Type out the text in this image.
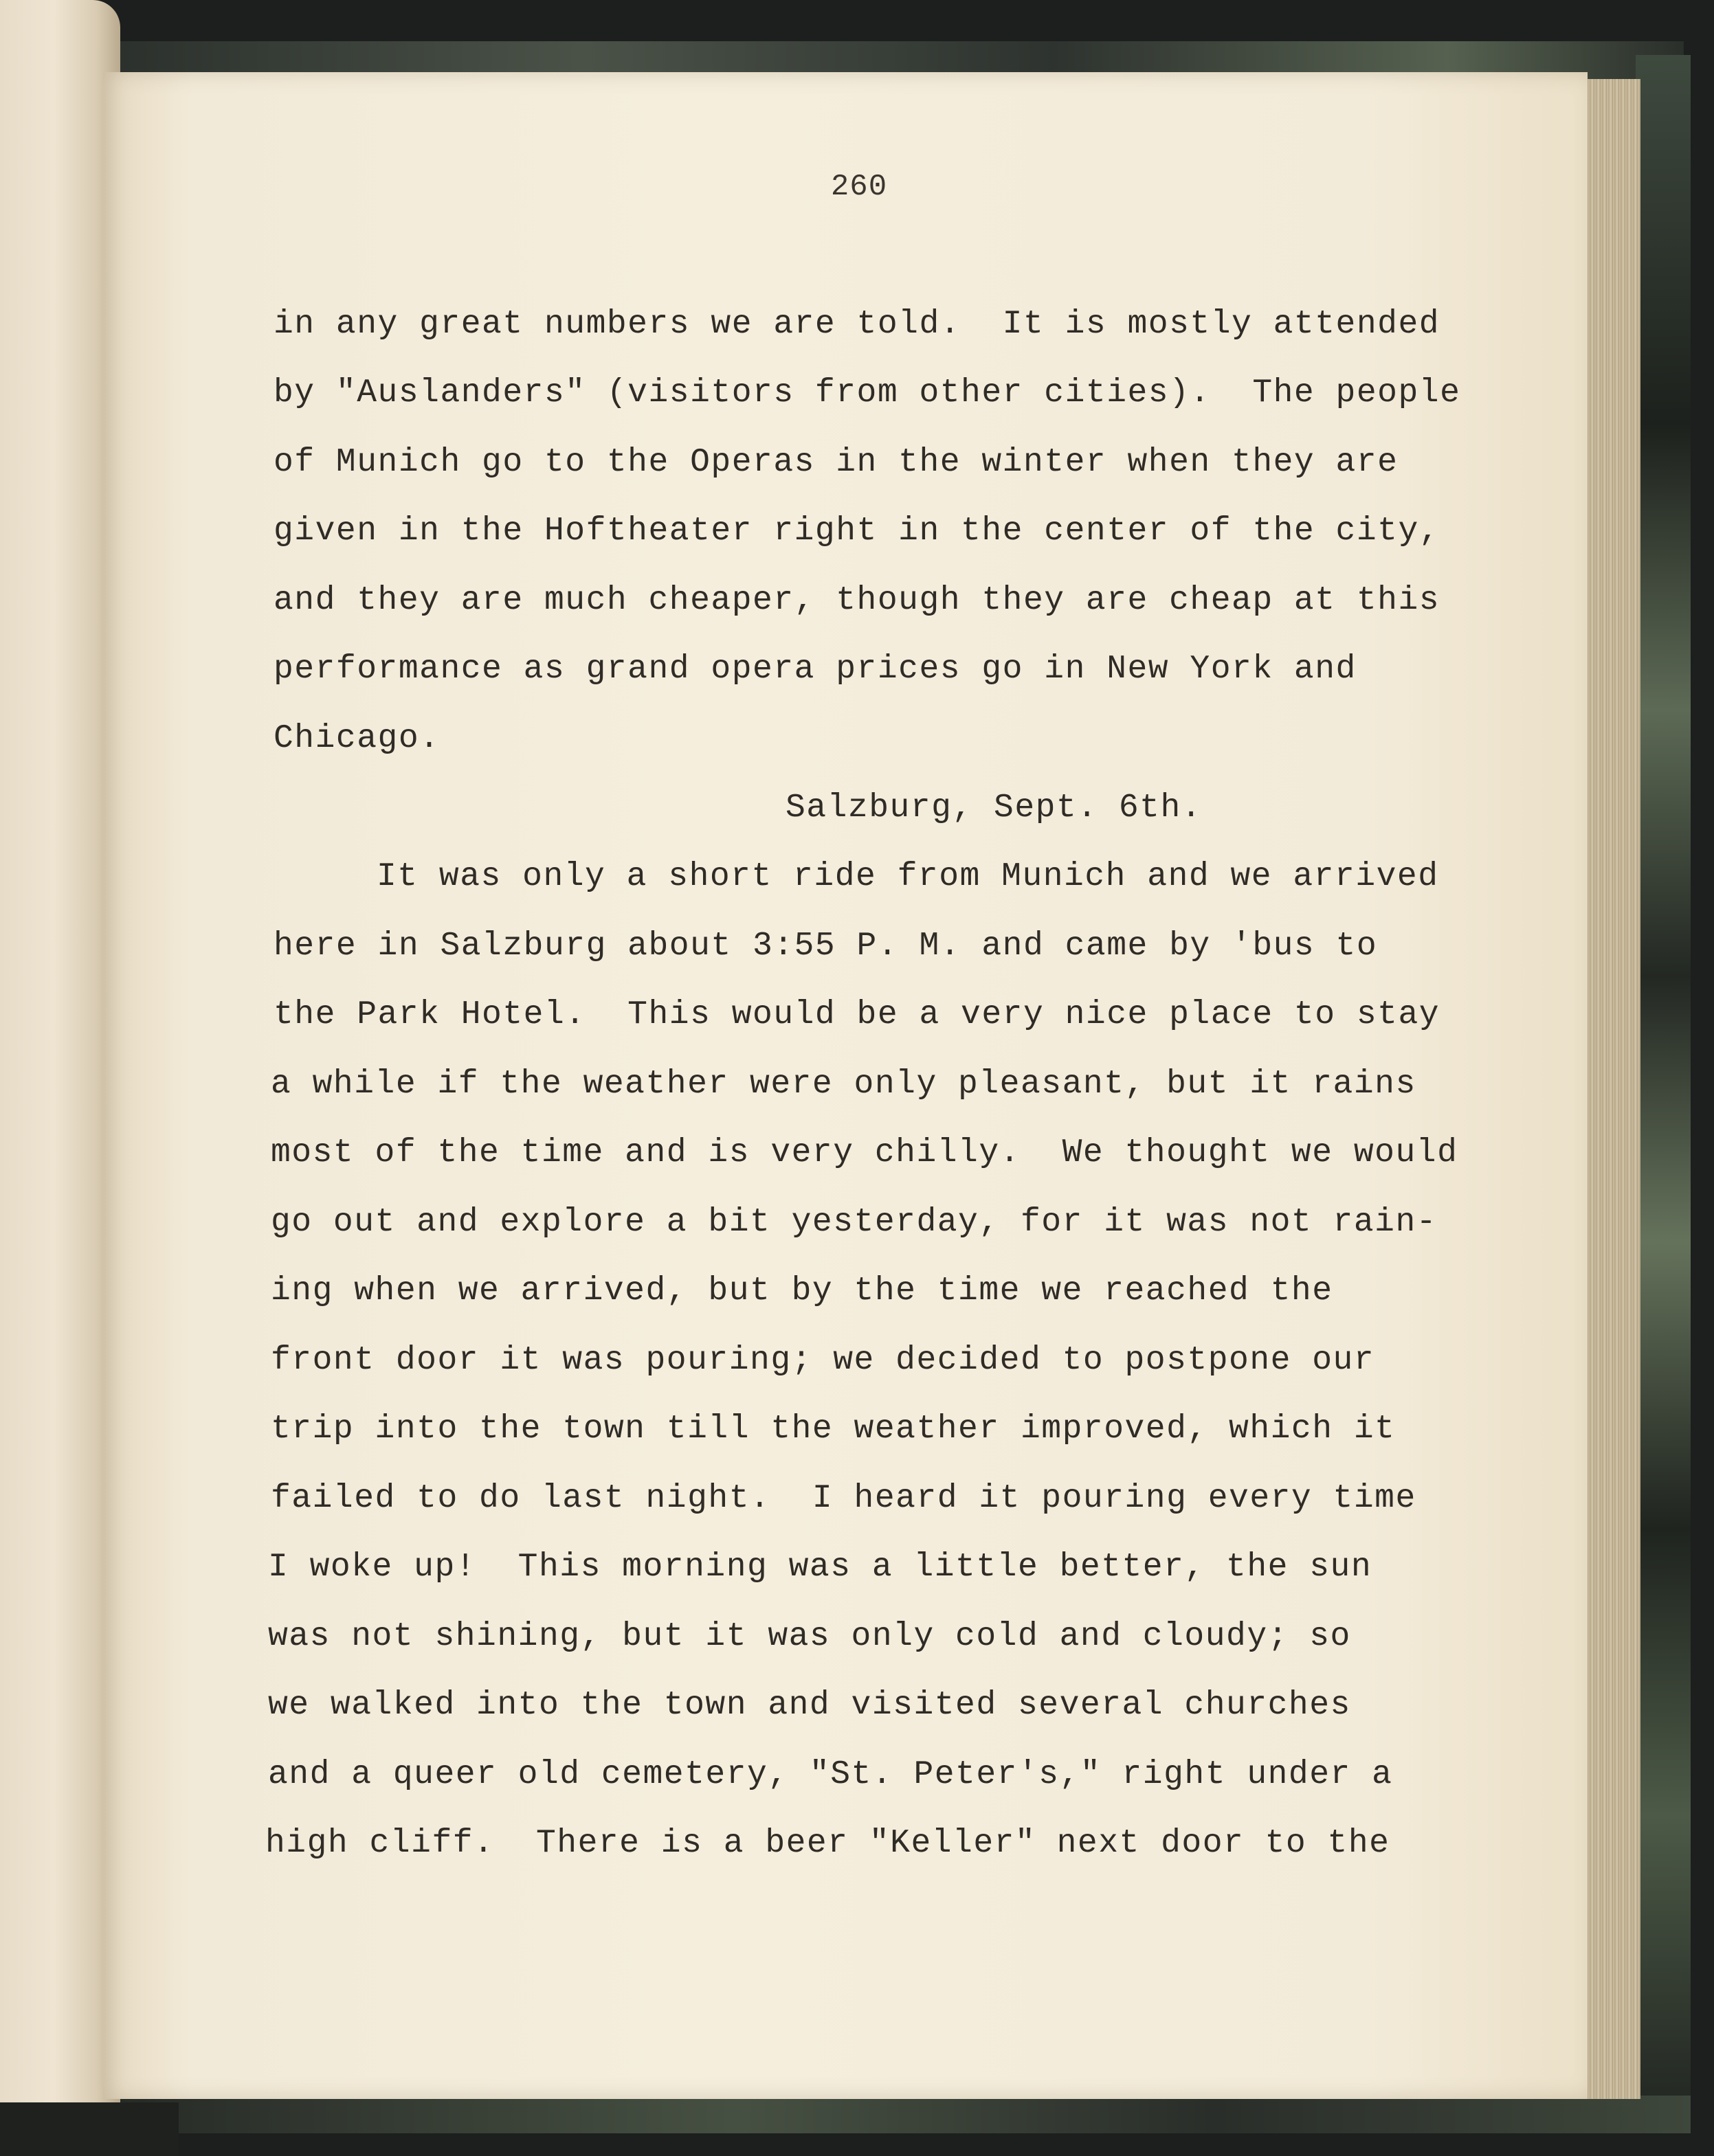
260
in any great numbers we are told.  It is mostly attended
by "Auslanders" (visitors from other cities).  The people
of Munich go to the Operas in the winter when they are
given in the Hoftheater right in the center of the city,
and they are much cheaper, though they are cheap at this
performance as grand opera prices go in New York and
Chicago.
Salzburg, Sept. 6th.
It was only a short ride from Munich and we arrived
here in Salzburg about 3:55 P. M. and came by 'bus to
the Park Hotel.  This would be a very nice place to stay
a while if the weather were only pleasant, but it rains
most of the time and is very chilly.  We thought we would
go out and explore a bit yesterday, for it was not rain-
ing when we arrived, but by the time we reached the
front door it was pouring; we decided to postpone our
trip into the town till the weather improved, which it
failed to do last night.  I heard it pouring every time
I woke up!  This morning was a little better, the sun
was not shining, but it was only cold and cloudy; so
we walked into the town and visited several churches
and a queer old cemetery, "St. Peter's," right under a
high cliff.  There is a beer "Keller" next door to the
